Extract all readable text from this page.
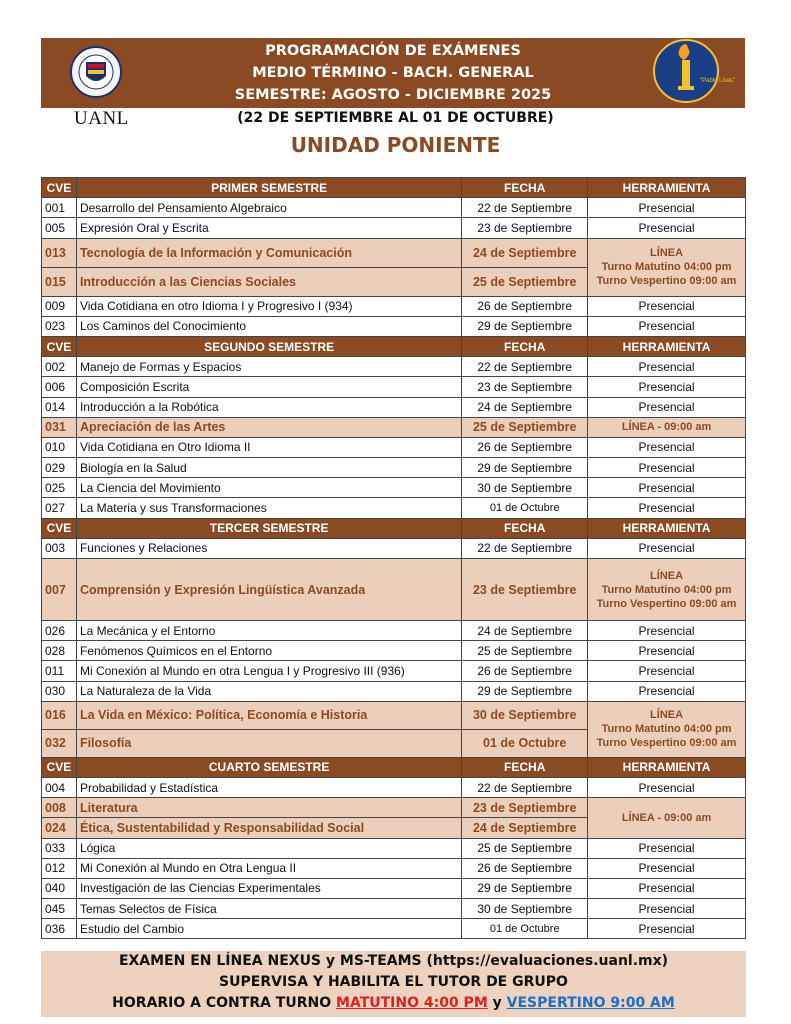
PROGRAMACIÓN DE EXÁMENES
MEDIO TÉRMINO - BACH. GENERAL
SEMESTRE: AGOSTO - DICIEMBRE 2025
UANL
"Pablo Livas"
(22 DE SEPTIEMBRE AL 01 DE OCTUBRE)
UNIDAD PONIENTE
CVE	PRIMER SEMESTRE	FECHA	HERRAMIENTA
001	Desarrollo del Pensamiento Algebraico	22 de Septiembre	Presencial
005	Expresión Oral y Escrita	23 de Septiembre	Presencial
013	Tecnología de la Información y Comunicación	24 de Septiembre	LÍNEA
Turno Matutino 04:00 pm
Turno Vespertino 09:00 am

015	Introducción a las Ciencias Sociales	25 de Septiembre	
009	Vida Cotidiana en otro Idioma I y Progresivo I (934)	26 de Septiembre	Presencial
023	Los Caminos del Conocimiento	29 de Septiembre	Presencial
CVE	SEGUNDO SEMESTRE	FECHA	HERRAMIENTA
002	Manejo de Formas y Espacios	22 de Septiembre	Presencial
006	Composición Escrita	23 de Septiembre	Presencial
014	Introducción a la Robótica	24 de Septiembre	Presencial
031	Apreciación de las Artes	25 de Septiembre	LÍNEA - 09:00 am
010	Vida Cotidiana en Otro Idioma II	26 de Septiembre	Presencial
029	Biología en la Salud	29 de Septiembre	Presencial
025	La Ciencia del Movimiento	30 de Septiembre	Presencial
027	La Materia y sus Transformaciones	01 de Octubre	Presencial
CVE	TERCER SEMESTRE	FECHA	HERRAMIENTA
003	Funciones y Relaciones	22 de Septiembre	Presencial
007	Comprensión y Expresión Lingüística Avanzada	23 de Septiembre	LÍNEA
Turno Matutino 04:00 pm
Turno Vespertino 09:00 am

026	La Mecánica y el Entorno	24 de Septiembre	Presencial
028	Fenómenos Químicos en el Entorno	25 de Septiembre	Presencial
011	Mi Conexión al Mundo en otra Lengua I y Progresivo III (936)	26 de Septiembre	Presencial
030	La Naturaleza de la Vida	29 de Septiembre	Presencial
016	La Vida en México: Política, Economía e Historia	30 de Septiembre	LÍNEA
Turno Matutino 04:00 pm
Turno Vespertino 09:00 am

032	Filosofía	01 de Octubre	
CVE	CUARTO SEMESTRE	FECHA	HERRAMIENTA
004	Probabilidad y Estadística	22 de Septiembre	Presencial
008	Literatura	23 de Septiembre	LÍNEA - 09:00 am
024	Ética, Sustentabilidad y Responsabilidad Social	24 de Septiembre	
033	Lógica	25 de Septiembre	Presencial
012	Mi Conexión al Mundo en Otra Lengua II	26 de Septiembre	Presencial
040	Investigación de las Ciencias Experimentales	29 de Septiembre	Presencial
045	Temas Selectos de Física	30 de Septiembre	Presencial
036	Estudio del Cambio	01 de Octubre	Presencial
EXAMEN EN LÍNEA NEXUS y MS-TEAMS (https://evaluaciones.uanl.mx)
SUPERVISA Y HABILITA EL TUTOR DE GRUPO
HORARIO A CONTRA TURNO MATUTINO 4:00 PM y VESPERTINO 9:00 AM
